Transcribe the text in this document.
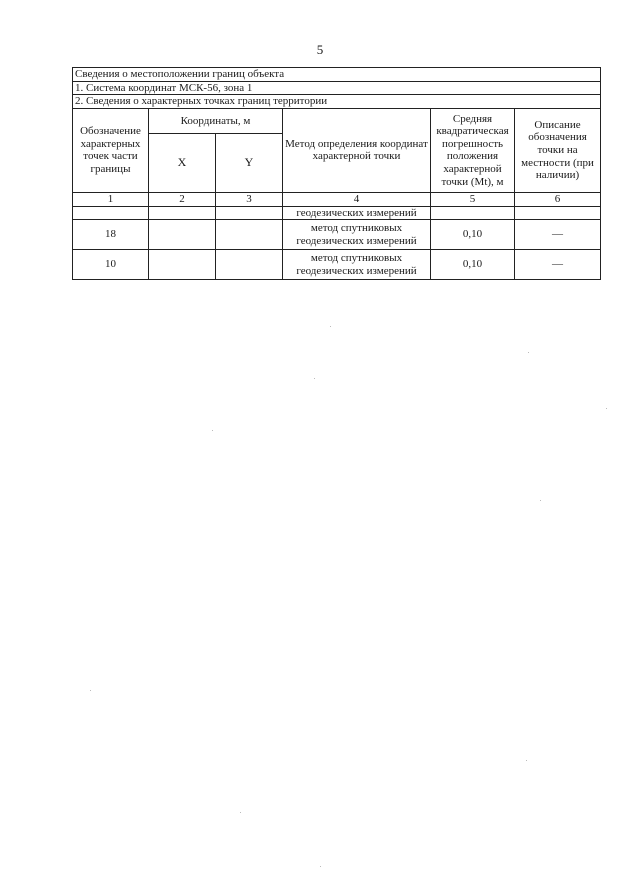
5
Сведения о местоположении границ объекта					
1. Система координат МСК-56, зона 1					
2. Сведения о характерных точках границ территории					
Обозначение характерных точек части границы	Координаты, м		Метод определения координат характерной точки	Средняя квадратическая погрешность положения характерной точки (Mt), м	Описание обозначения точки на местности (при наличии)
	X	Y			
1	2	3	4	5	6
			геодезических измерений		
18			метод спутниковых геодезических измерений	0,10	—
10			метод спутниковых геодезических измерений	0,10	—
